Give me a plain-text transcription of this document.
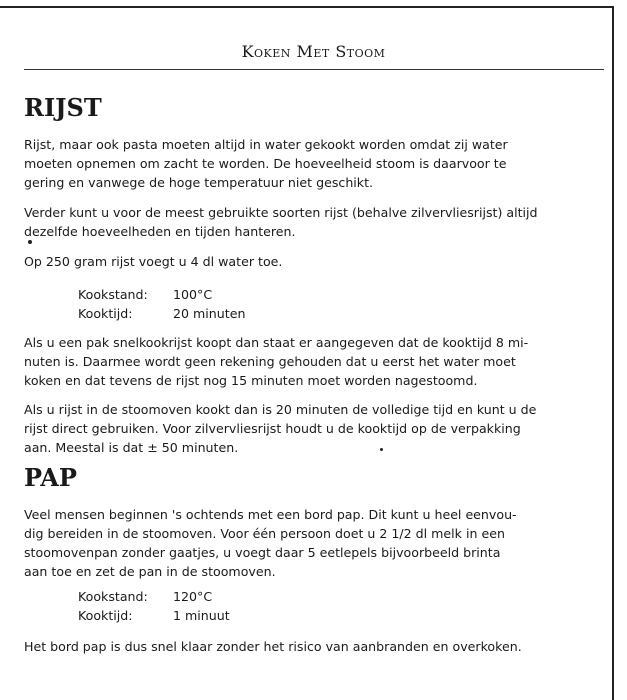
Koken Met Stoom
RIJST
Rijst, maar ook pasta moeten altijd in water gekookt worden omdat zij water
moeten opnemen om zacht te worden. De hoeveelheid stoom is daarvoor te
gering en vanwege de hoge temperatuur niet geschikt.
Verder kunt u voor de meest gebruikte soorten rijst (behalve zilvervliesrijst) altijd
dezelfde hoeveelheden en tijden hanteren.
Op 250 gram rijst voegt u 4 dl water toe.
Kookstand: 100°C
Kooktijd:	20 minuten
Als u een pak snelkookrijst koopt dan staat er aangegeven dat de kooktijd 8 mi-
nuten is. Daarmee wordt geen rekening gehouden dat u eerst het water moet
koken en dat tevens de rijst nog 15 minuten moet worden nagestoomd.
Als u rijst in de stoomoven kookt dan is 20 minuten de volledige tijd en kunt u de
rijst direct gebruiken. Voor zilvervliesrijst houdt u de kooktijd op de verpakking
aan. Meestal is dat ± 50 minuten.
PAP
Veel mensen beginnen 's ochtends met een bord pap. Dit kunt u heel eenvou-
dig bereiden in de stoomoven. Voor één persoon doet u 2 1/2 dl melk in een
stoomovenpan zonder gaatjes, u voegt daar 5 eetlepels bijvoorbeeld brinta
aan toe en zet de pan in de stoomoven.
Kookstand: 120°C
Kooktijd:	1 minuut
Het bord pap is dus snel klaar zonder het risico van aanbranden en overkoken.
